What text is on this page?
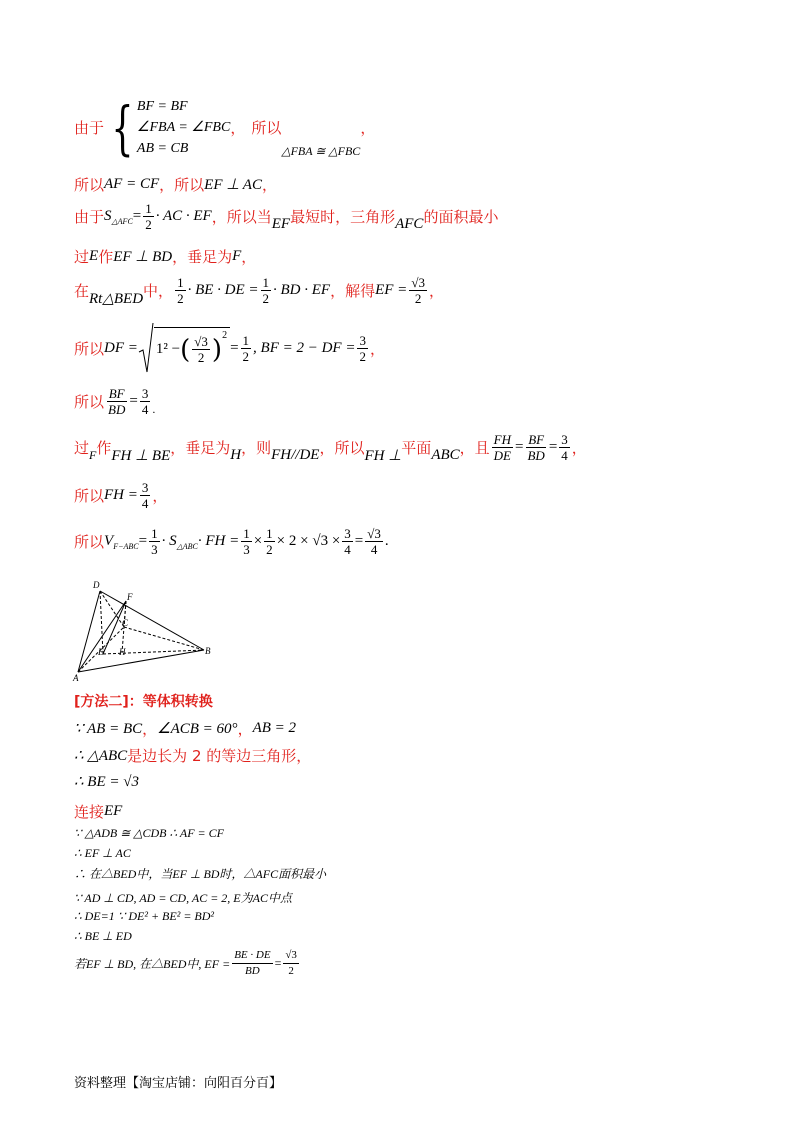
由于 { BF = BF
∠FBA = ∠FBC
AB = CB
， 所以
△FBA ≅ △FBC
，
所以 AF = CF ，所以 EF ⊥ AC ，
由于 $S_{\triangle AFC} = \frac{1}{2}$ · AC · EF ，所以当 EF 最短时，三角形 AFC 的面积最小
过 E 作 EF ⊥ BD ，垂足为 F ，
在 Rt△BED 中， $\frac{1}{2}$ · BE · DE = $\frac{1}{2}$ · BD · EF ，解得 EF = $\frac{√3}{2}$ ，
所以 DF = 1² − ( $\frac{√3}{2}$ ) 2
= $\frac{1}{2}$ , BF = 2 − DF = $\frac{3}{2}$ ，
所以 $\frac{BF}{BD} = \frac{3}{4}$ .
过 F 作 FH ⊥ BE ，垂足为 H ，则 FH//DE ，所以 FH ⊥ 平面 ABC ，且 $\frac{FH}{DE} = \frac{BF}{BD} = \frac{3}{4}$ ，
所以 FH = $\frac{3}{4}$ ，
所以 $V_{F-ABC} = \frac{1}{3} \cdot S_{\triangle ABC}$ · FH = $\frac{1}{3} \times \frac{1}{2} \times 2 \times √3 \times \frac{3}{4} = \frac{√3}{4}$ .
D
F
C
E H	B
A
[方法二]：等体积转换
∵ AB = BC ， ∠ACB = 60° ， AB = 2
∴ △ABC 是边长为 2 的等边三角形，
∴ BE = √3
连接 EF
∵ △ADB ≅ △CDB ∴ AF = CF
∴ EF ⊥ AC
∴ 在△BED中，当EF ⊥ BD时，△AFC面积最小
∵ AD ⊥ CD, AD = CD, AC = 2, E为AC中点
∴ DE=1 ∵ DE² + BE² = BD²
∴ BE ⊥ ED
若EF ⊥ BD, 在△BED中, EF = $\frac{BE \cdot DE}{BD} = \frac{√3}{2}$
资料整理【淘宝店铺：向阳百分百】
